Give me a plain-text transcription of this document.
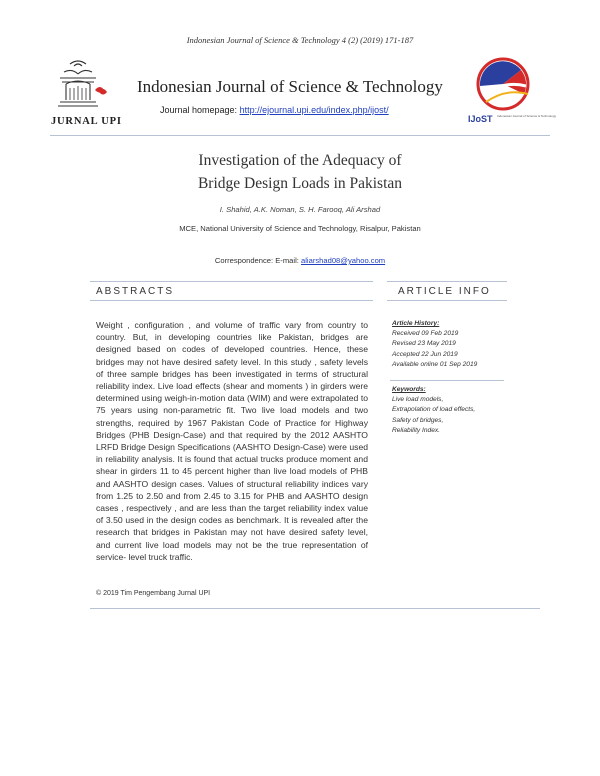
Indonesian Journal of Science & Technology 4 (2) (2019) 171-187
JURNAL UPI
Indonesian Journal of Science & Technology
Journal homepage: http://ejournal.upi.edu/index.php/ijost/
IJoST Indonesian Journal of Science & Technology
Investigation of the Adequacy of
Bridge Design Loads in Pakistan
I. Shahid, A.K. Noman, S. H. Farooq, Ali Arshad
MCE, National University of Science and Technology, Risalpur, Pakistan
Correspondence: E-mail: aliarshad08@yahoo.com
ABSTRACTS	ARTICLE INFO

Weight , configuration , and volume of traffic vary from country to country. But, in developing countries like Pakistan, bridges are designed based on codes of developed countries. Hence, these bridges may not have desired safety level. In this study , safety levels of three sample bridges has been investigated in terms of structural reliability index. Live load effects (shear and moments ) in girders were determined using weigh-in-motion data (WIM) and were extrapolated to 75 years using non-parametric fit. Two live load models and two strengths, required by 1967 Pakistan Code of Practice for Highway Bridges (PHB Design-Case) and that required by the 2012 AASHTO LRFD Bridge Design Specifications (AASHTO Design-Case) were used in reliability analysis. It is found that actual trucks produce moment and shear in girders 11 to 45 percent higher than live load models of PHB and AASHTO design cases. Values of structural reliability indices vary from 1.25 to 2.50 and from 2.45 to 3.15 for PHB and AASHTO design cases , respectively , and are less than the target reliability index value of 3.50 used in the design codes as benchmark. It is revealed after the research that bridges in Pakistan may not have desired safety level, and current live load models may not be the true representation of service- level truck traffic.

© 2019 Tim Pengembang Jurnal UPI
Article History:
Received 09 Feb 2019
Revised 23 May 2019
Accepted 22 Jun 2019
Available online 01 Sep 2019
Keywords:
Live load models,
Extrapolation of load effects,
Safety of bridges,
Reliability Index.
